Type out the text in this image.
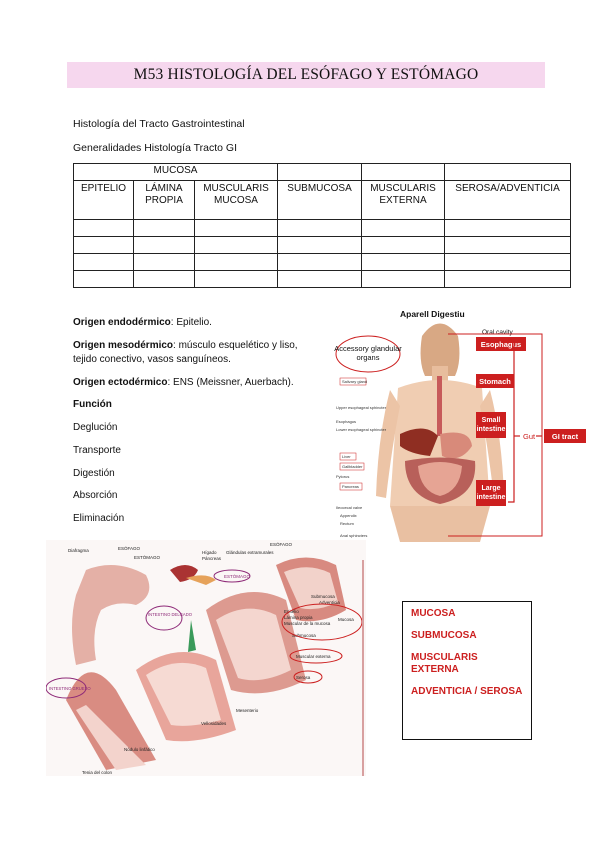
M53 HISTOLOGÍA DEL ESÓFAGO Y ESTÓMAGO
Histología del Tracto Gastrointestinal
Generalidades Histología Tracto GI
MUCOSA					
EPITELIO	LÁMINA PROPIA	MUSCULARIS MUCOSA	SUBMUCOSA	MUSCULARIS EXTERNA	SEROSA/ADVENTICIA

Origen endodérmico: Epitelio.
Origen mesodérmico: músculo esquelético y liso, tejido conectivo, vasos sanguíneos.
Origen ectodérmico: ENS (Meissner, Auerbach).
Función
Deglución
Transporte
Digestión
Absorción
Eliminación
Aparell Digestiu
Accessory glandular organs
Salivary gland
Upper esophageal sphincter
Esophagus
Lower esophageal sphincter
Liver
Gallbladder
Pylorus
Pancreas
Ileocecal valve
Appendix
Rectum
Anal sphincters
Oral cavity
Esophagus
Stomach
Small intestine
Large intestine
Gut GI tract
Diafragma	ESÓFAGO
ESTÓMAGO
Hígado
Páncreas
Glándulas extramurales
ESÓFAGO
Submucosa
Adventicia
Epitelio
Lámina propia
Muscular de la mucosa
Mucosa
Submucosa
Muscular externa
Serosa
Mesenterio
Vellosidades
Nódulo linfático
Tenia del colon
ESTÓMAGO
INTESTINO DELGADO
INTESTINO GRUESO
MUCOSA
SUBMUCOSA
MUSCULARIS EXTERNA
ADVENTICIA / SEROSA
